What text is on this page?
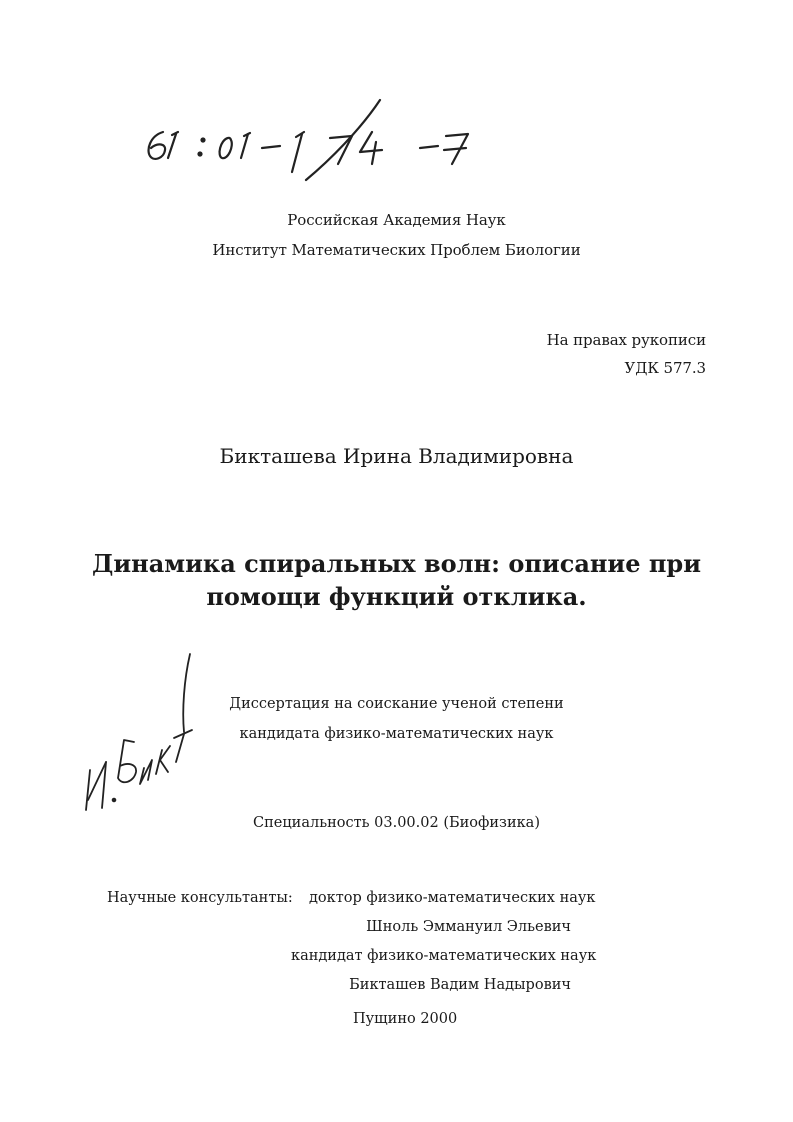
Российская Академия Наук
Институт Математических Проблем Биологии
На правах рукописи
УДК 577.3
Бикташева Ирина Владимировна
Динамика спиральных волн: описание при
помощи функций отклика.
Диссертация на соискание ученой степени
кандидата физико-математических наук
Специальность 03.00.02 (Биофизика)
Научные консультанты: доктор физико-математических наук
Шноль Эммануил Эльевич
кандидат физико-математических наук
Бикташев Вадим Надырович
Пущино 2000
